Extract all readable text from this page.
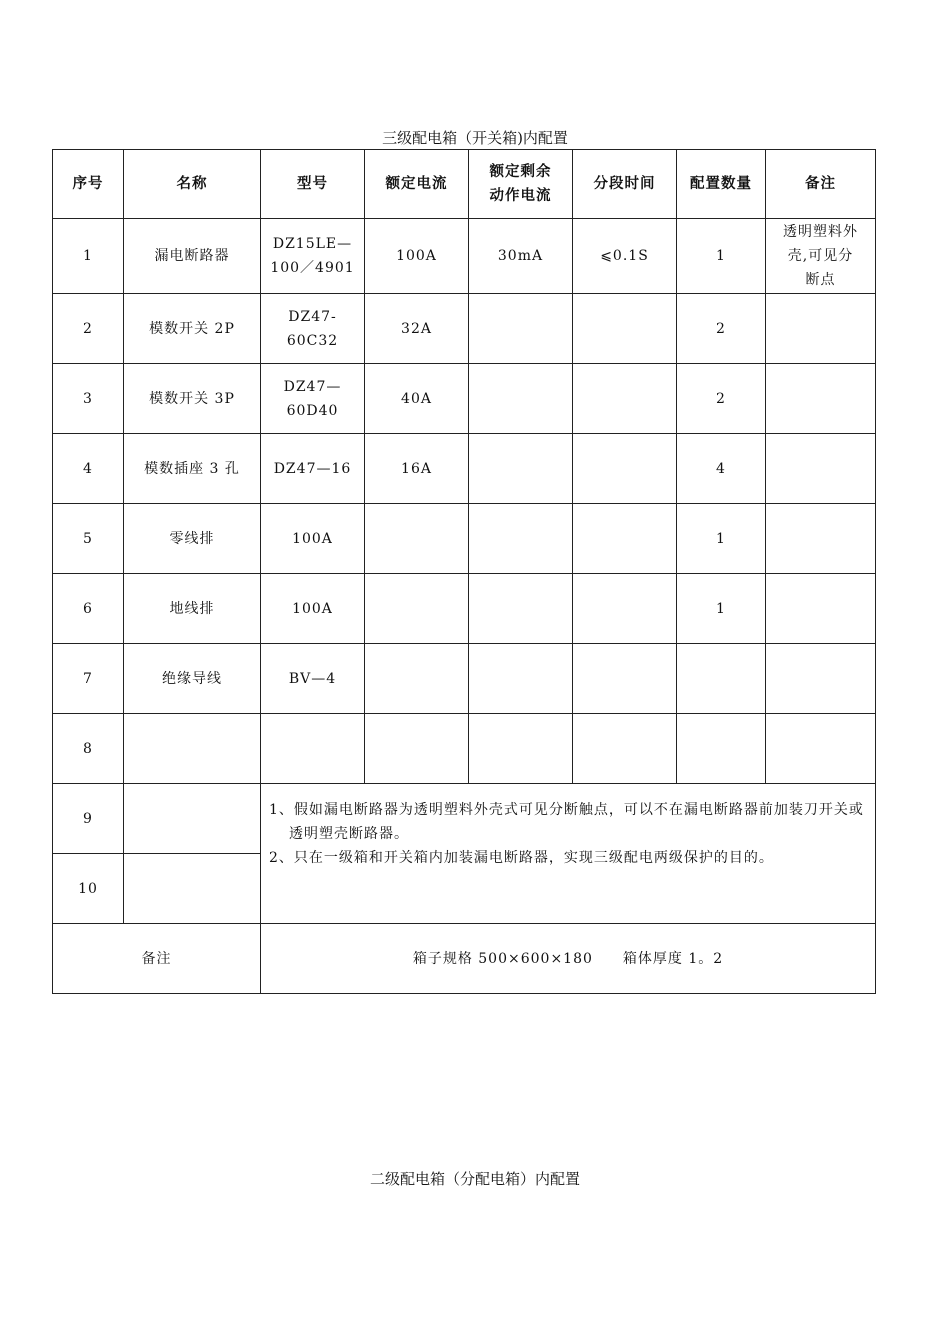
三级配电箱（开关箱)内配置
序号	名称	型号	额定电流	额定剩余
动作电流	分段时间	配置数量	备注
1	漏电断路器	DZ15LE—
100／4901	100A	30mA	⩽0.1S	1	透明塑料外
壳,可见分
断点
2	模数开关 2P	DZ47-60C32	32A			2	
3	模数开关 3P	DZ47—
60D40	40A			2	
4	模数插座 3 孔	DZ47—16	16A			4	
5	零线排	100A				1	
6	地线排	100A				1	
7	绝缘导线	BV—4					
8							
9		1、假如漏电断路器为透明塑料外壳式可见分断触点，可以不在漏电断路器前加装刀开关或透明塑壳断路器。
2、只在一级箱和开关箱内加装漏电断路器，实现三级配电两级保护的目的。					

10							
备注		箱子规格 500×600×180 箱体厚度 1。2					
二级配电箱（分配电箱）内配置
